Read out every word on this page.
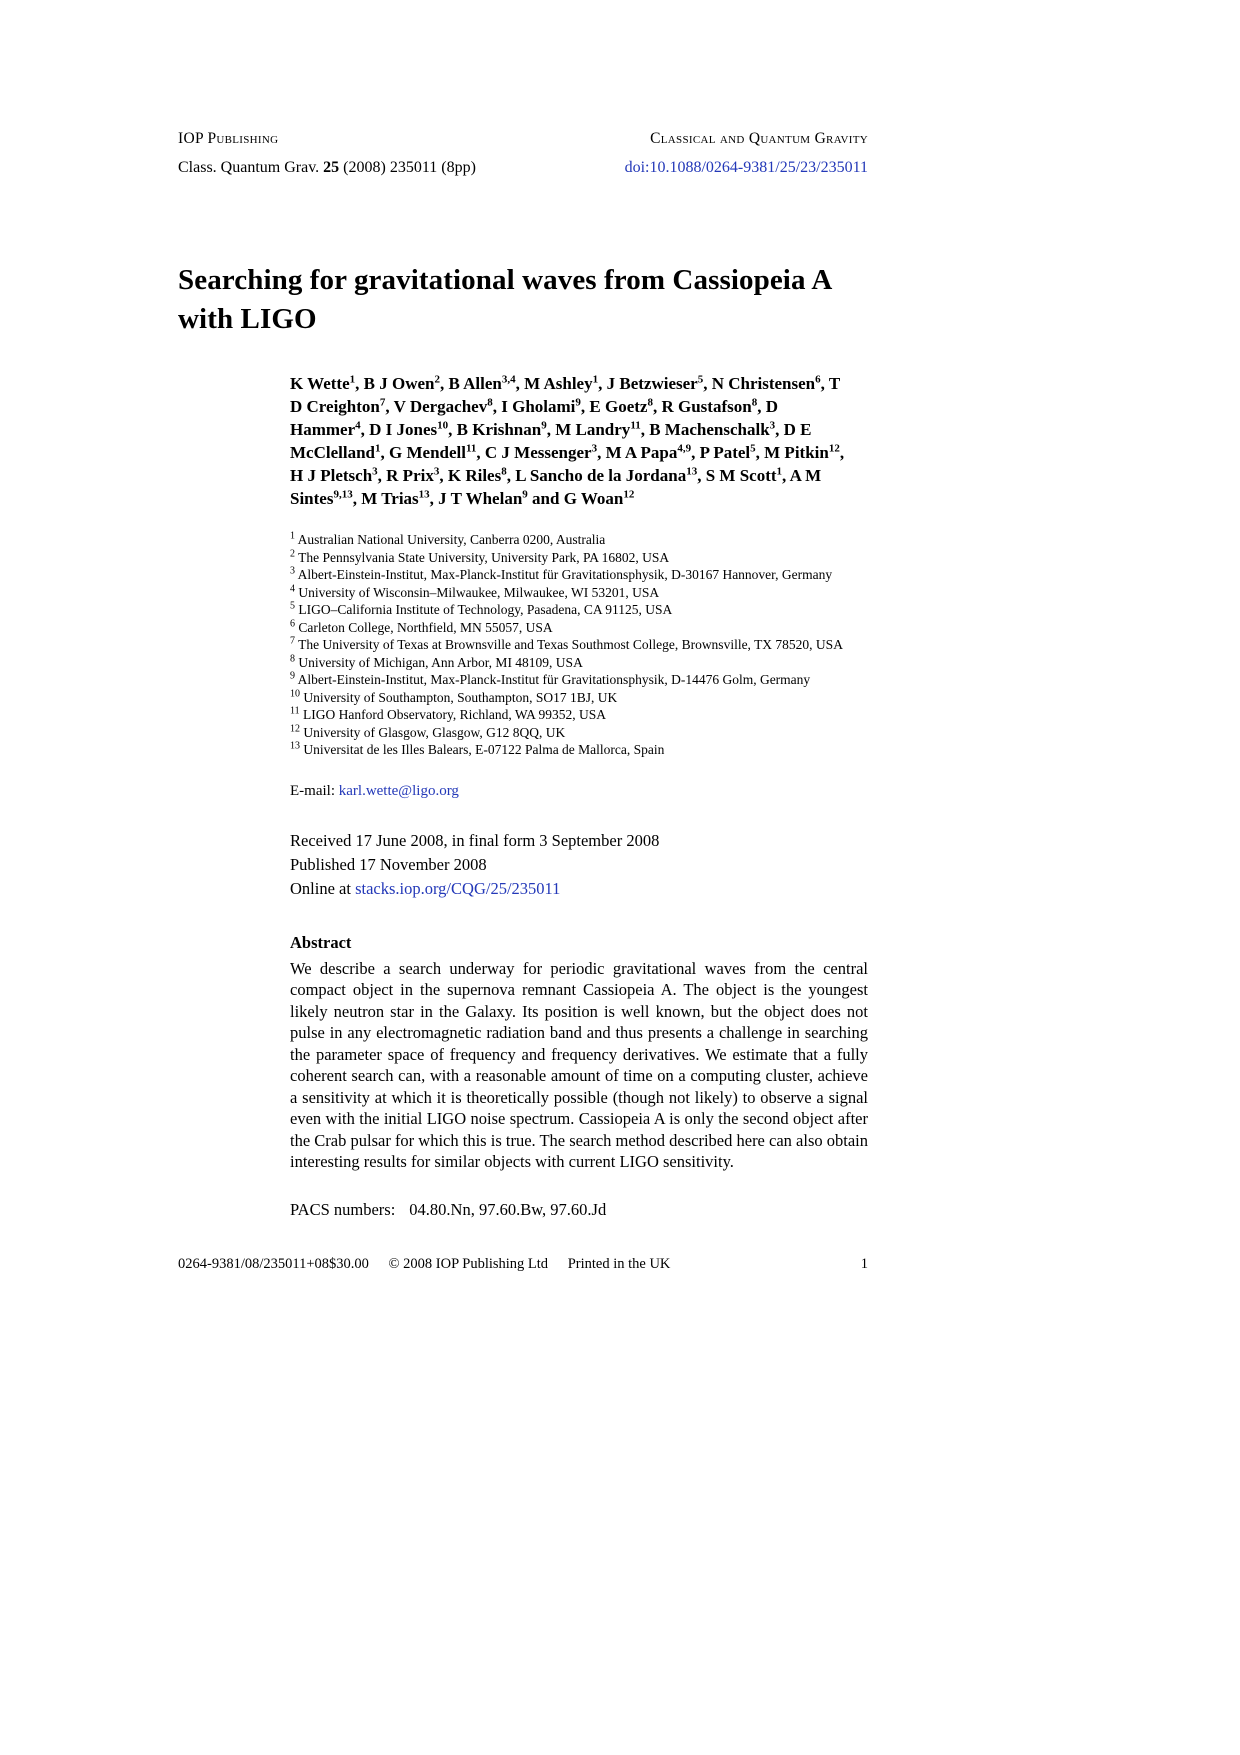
IOP Publishing	Classical and Quantum Gravity
Class. Quantum Grav. 25 (2008) 235011 (8pp)	doi:10.1088/0264-9381/25/23/235011
Searching for gravitational waves from Cassiopeia A with LIGO

K Wette$^1$, B J Owen$^2$, B Allen$^{3,4}$, M Ashley$^1$, J Betzwieser$^5$, N Christensen$^6$, T D Creighton$^7$, V Dergachev$^8$, I Gholami$^9$, E Goetz$^8$, R Gustafson$^8$, D Hammer$^4$, D I Jones$^{10}$, B Krishnan$^9$, M Landry$^{11}$, B Machenschalk$^3$, D E McClelland$^1$, G Mendell$^{11}$, C J Messenger$^3$, M A Papa$^{4,9}$, P Patel$^5$, M Pitkin$^{12}$, H J Pletsch$^3$, R Prix$^3$, K Riles$^8$, L Sancho de la Jordana$^{13}$, S M Scott$^1$, A M Sintes$^{9,13}$, M Trias$^{13}$, J T Whelan$^9$ and G Woan$^{12}$

$^1$ Australian National University, Canberra 0200, Australia
$^2$ The Pennsylvania State University, University Park, PA 16802, USA
$^3$ Albert-Einstein-Institut, Max-Planck-Institut für Gravitationsphysik, D-30167 Hannover, Germany
$^4$ University of Wisconsin–Milwaukee, Milwaukee, WI 53201, USA
$^5$ LIGO–California Institute of Technology, Pasadena, CA 91125, USA
$^6$ Carleton College, Northfield, MN 55057, USA
$^7$ The University of Texas at Brownsville and Texas Southmost College, Brownsville, TX 78520, USA
$^8$ University of Michigan, Ann Arbor, MI 48109, USA
$^9$ Albert-Einstein-Institut, Max-Planck-Institut für Gravitationsphysik, D-14476 Golm, Germany
$^{10}$ University of Southampton, Southampton, SO17 1BJ, UK
$^{11}$ LIGO Hanford Observatory, Richland, WA 99352, USA
$^{12}$ University of Glasgow, Glasgow, G12 8QQ, UK
$^{13}$ Universitat de les Illes Balears, E-07122 Palma de Mallorca, Spain

E-mail: karl.wette@ligo.org

Received 17 June 2008, in final form 3 September 2008
Published 17 November 2008
Online at stacks.iop.org/CQG/25/235011
Abstract

We describe a search underway for periodic gravitational waves from the central compact object in the supernova remnant Cassiopeia A. The object is the youngest likely neutron star in the Galaxy. Its position is well known, but the object does not pulse in any electromagnetic radiation band and thus presents a challenge in searching the parameter space of frequency and frequency derivatives. We estimate that a fully coherent search can, with a reasonable amount of time on a computing cluster, achieve a sensitivity at which it is theoretically possible (though not likely) to observe a signal even with the initial LIGO noise spectrum. Cassiopeia A is only the second object after the Crab pulsar for which this is true. The search method described here can also obtain interesting results for similar objects with current LIGO sensitivity.

PACS numbers: 04.80.Nn, 97.60.Bw, 97.60.Jd

0264-9381/08/235011+08$30.00 © 2008 IOP Publishing Ltd Printed in the UK	1
